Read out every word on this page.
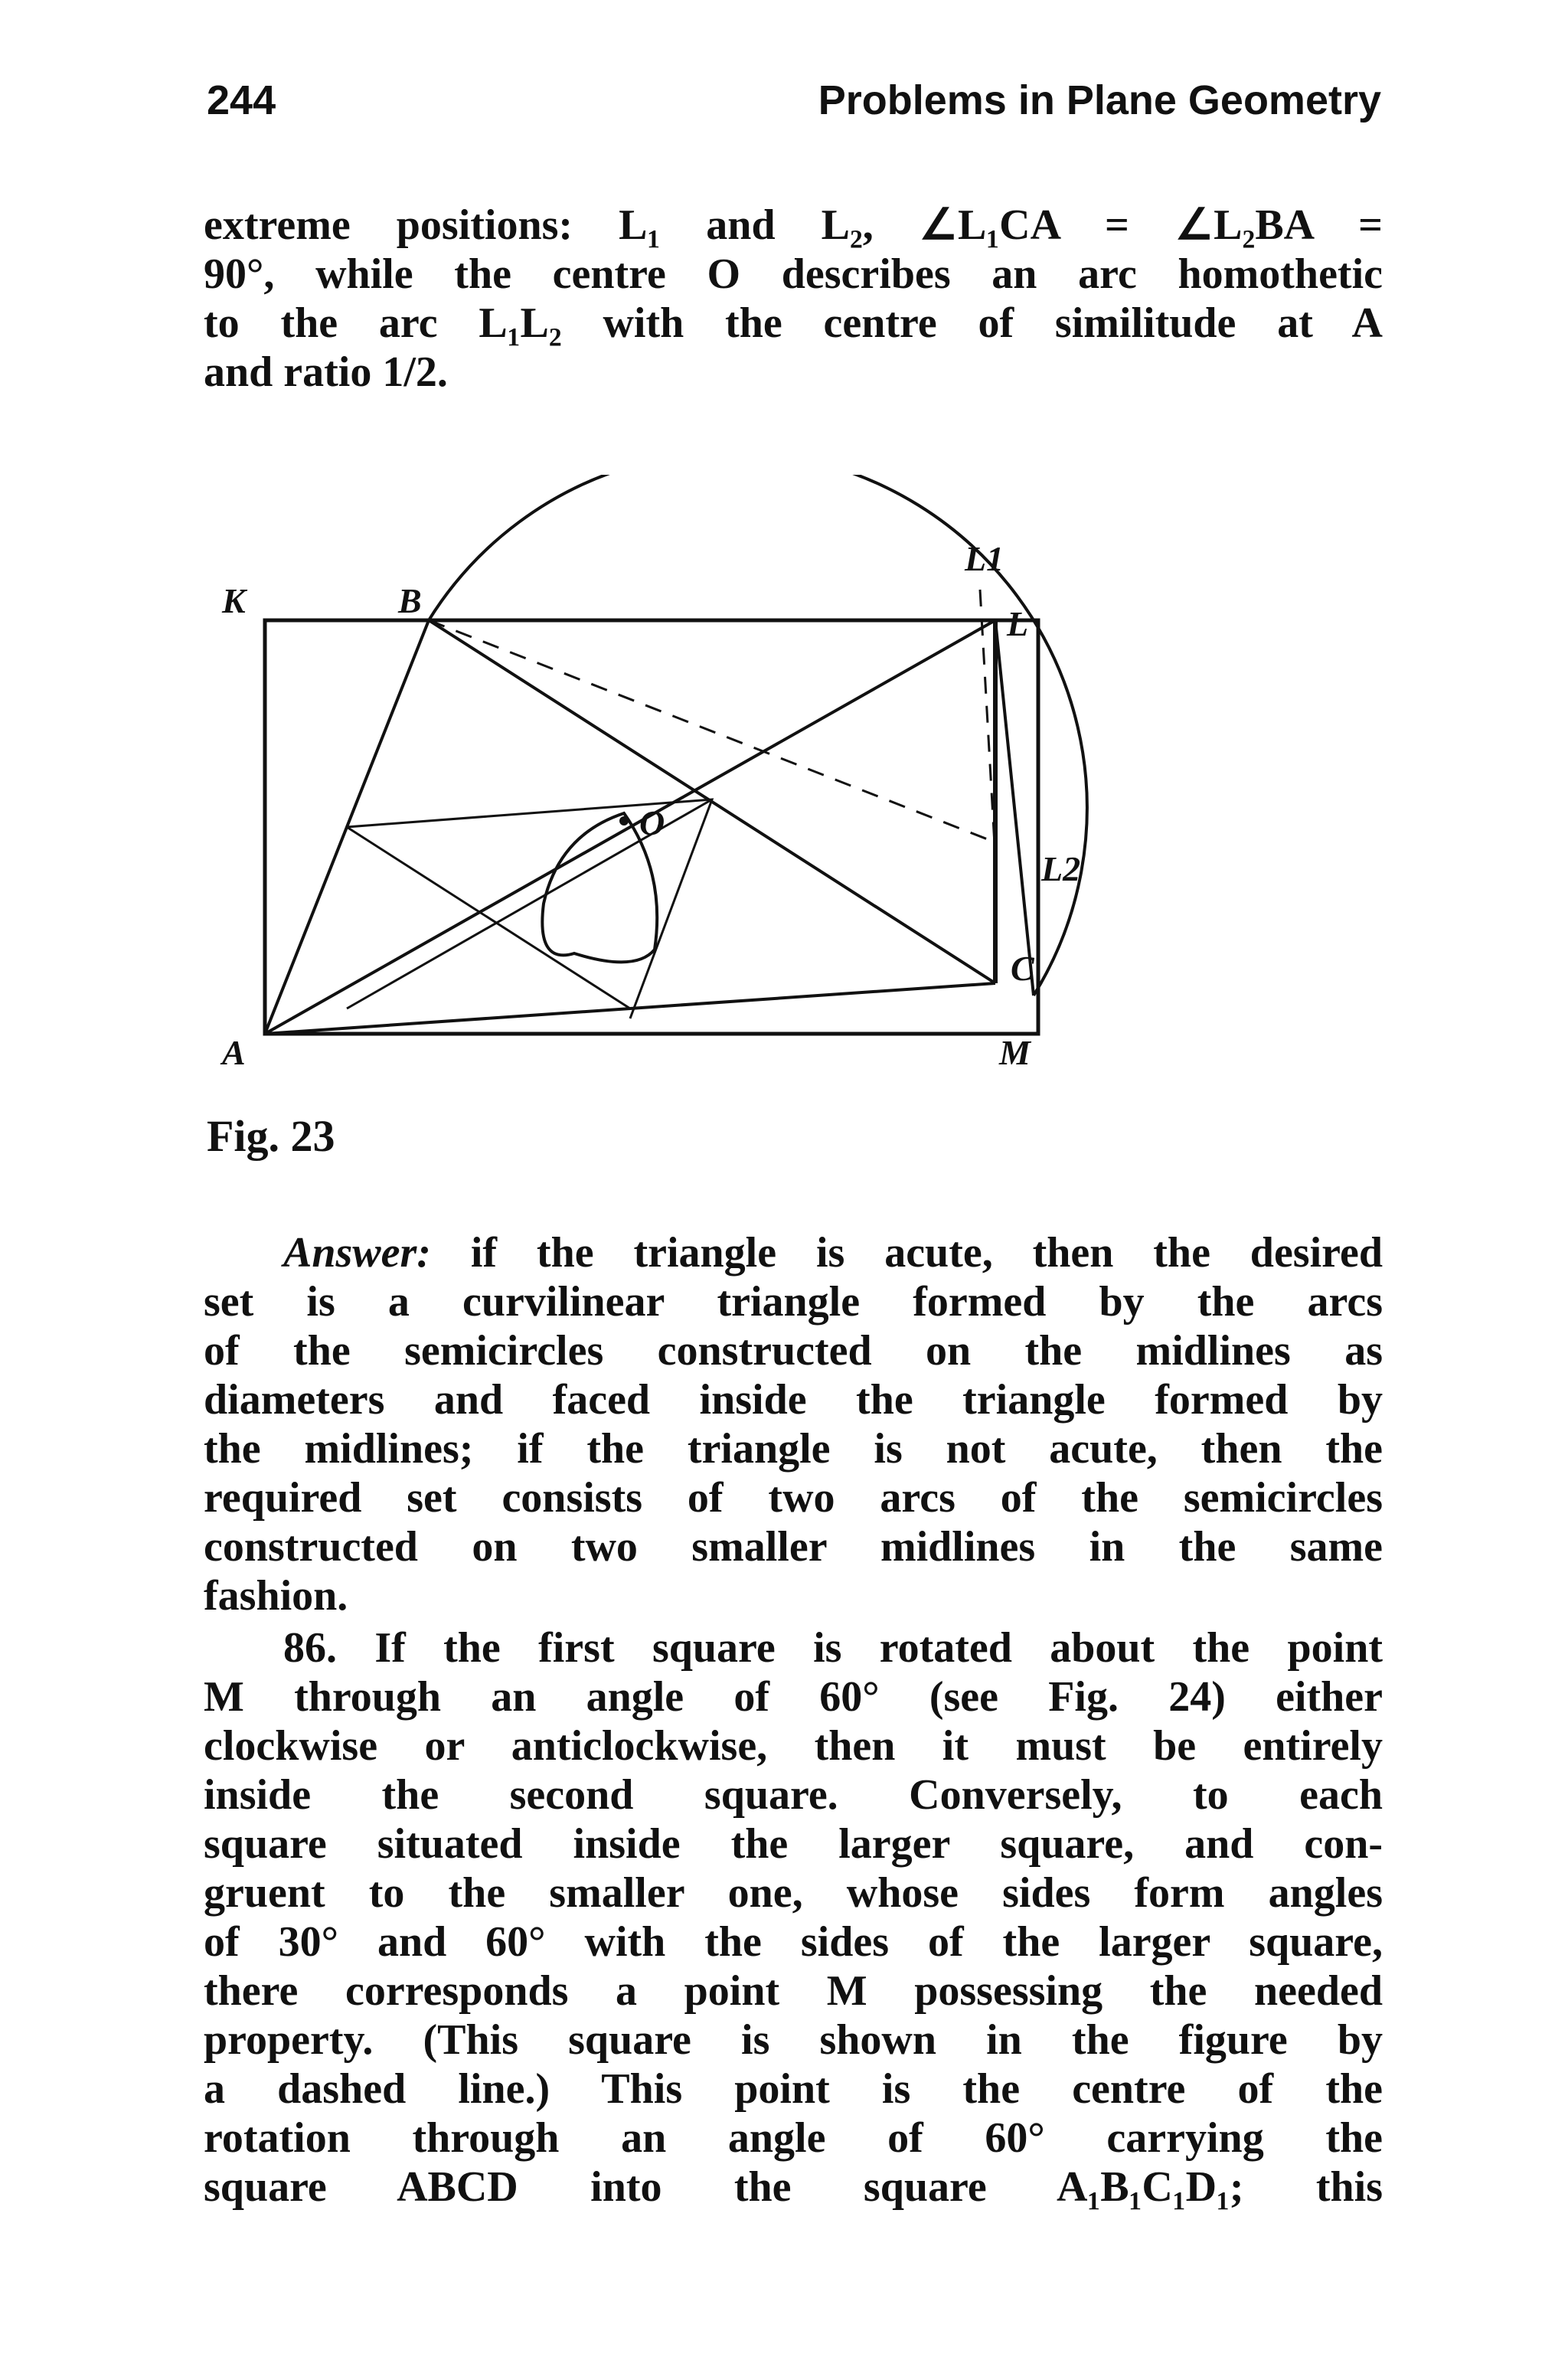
244	Problems in Plane Geometry
extreme positions: L₁ and L₂, ∠L₁CA = ∠L₂BA =
90°, while the centre O describes an arc homothetic
to the arc L₁L₂ with the centre of similitude at A
and ratio 1/2.
K	B
L1
L
O
L2
C
A	M
Fig. 23
Answer: if the triangle is acute, then the desired
set is a curvilinear triangle formed by the arcs
of the semicircles constructed on the midlines as
diameters and faced inside the triangle formed by
the midlines; if the triangle is not acute, then the
required set consists of two arcs of the semicircles
constructed on two smaller midlines in the same
fashion.
86. If the first square is rotated about the point
M through an angle of 60° (see Fig. 24) either
clockwise or anticlockwise, then it must be entirely
inside the second square. Conversely, to each
square situated inside the larger square, and con-
gruent to the smaller one, whose sides form angles
of 30° and 60° with the sides of the larger square,
there corresponds a point M possessing the needed
property. (This square is shown in the figure by
a dashed line.) This point is the centre of the
rotation through an angle of 60° carrying the
square ABCD into the square A₁B₁C₁D₁; this
